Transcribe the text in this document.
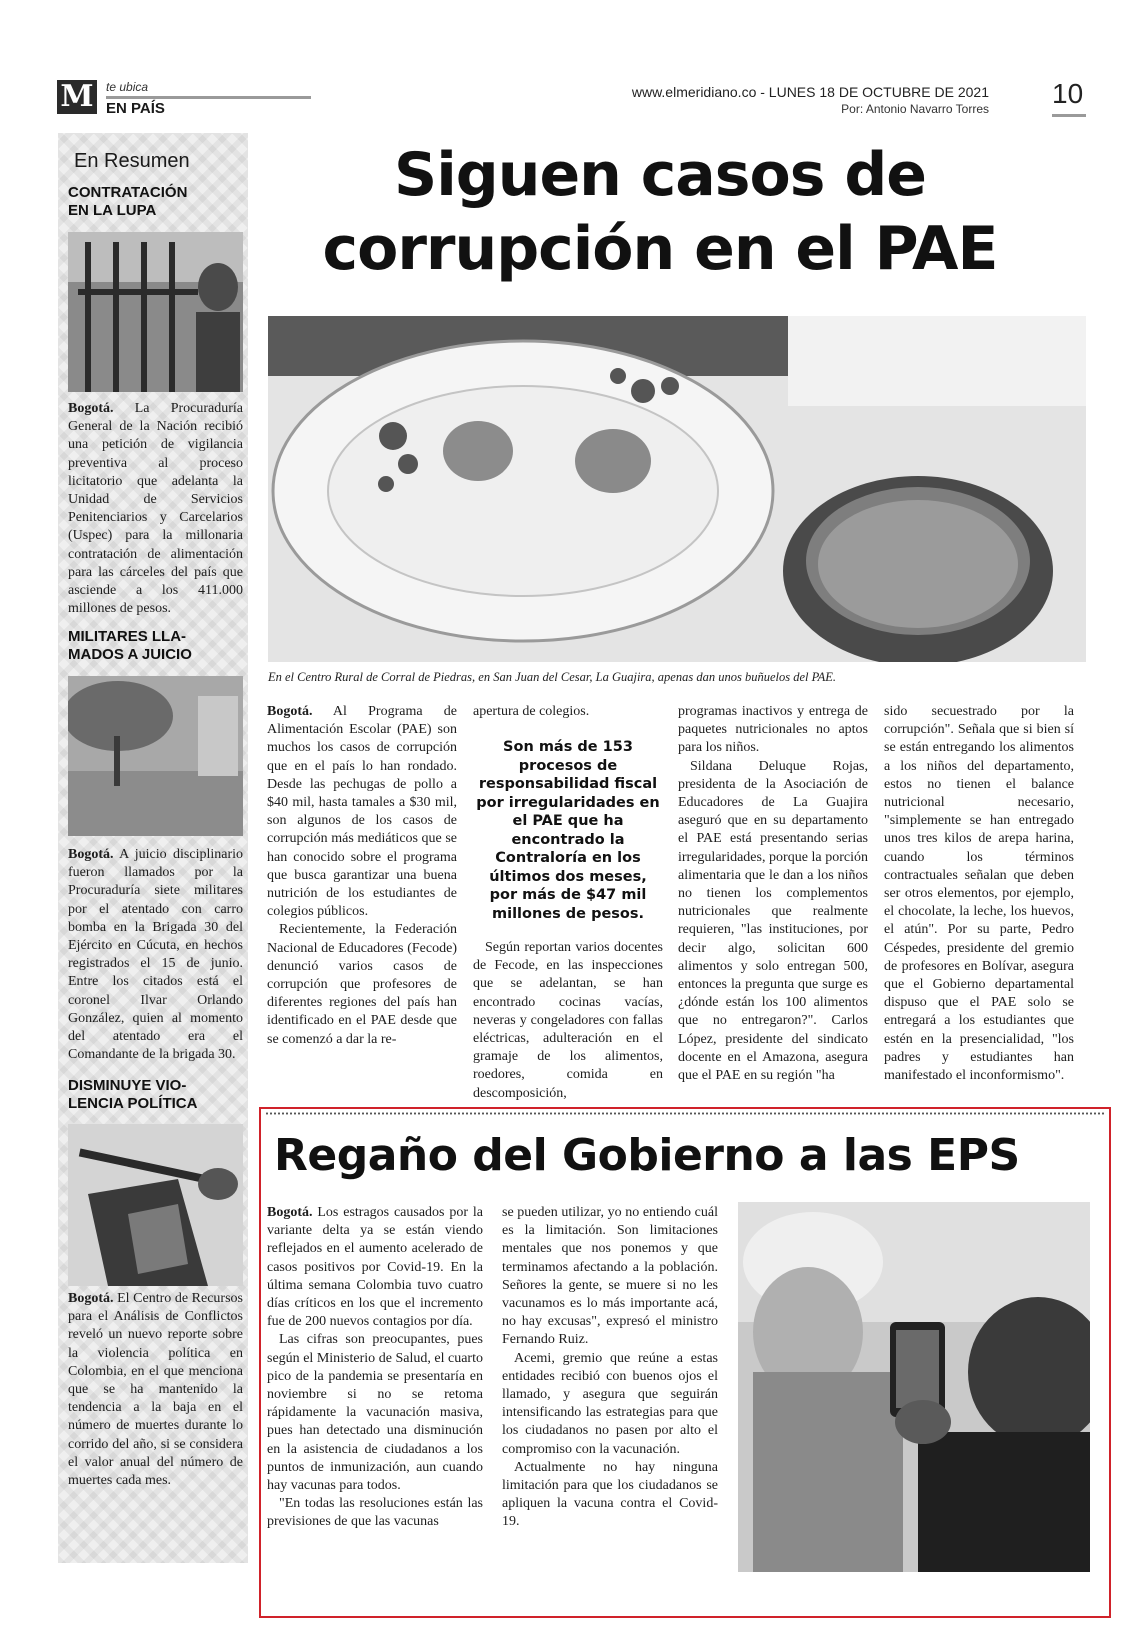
M te ubica
EN PAÍS
www.elmeridiano.co - LUNES 18 DE OCTUBRE DE 2021
Por: Antonio Navarro Torres 10
En Resumen
CONTRATACIÓN
EN LA LUPA
Bogotá. La Procuraduría General de la Nación recibió una petición de vigilancia preventiva al proceso licitatorio que adelanta la Unidad de Servicios Penitenciarios y Carcelarios (Uspec) para la millonaria contratación de alimentación para las cárceles del país que asciende a los 411.000 millones de pesos.
MILITARES LLA-
MADOS A JUICIO
Bogotá. A juicio disciplinario fueron llamados por la Procuraduría siete militares por el atentado con carro bomba en la Brigada 30 del Ejército en Cúcuta, en hechos registrados el 15 de junio. Entre los citados está el coronel Ilvar Orlando González, quien al momento del atentado era el Comandante de la brigada 30.
DISMINUYE VIO-
LENCIA POLÍTICA
Bogotá. El Centro de Recursos para el Análisis de Conflictos reveló un nuevo reporte sobre la violencia política en Colombia, en el que menciona que se ha mantenido la tendencia a la baja en el número de muertes durante lo corrido del año, si se considera el valor anual del número de muertes cada mes.
Siguen casos de
corrupción en el PAE
En el Centro Rural de Corral de Piedras, en San Juan del Cesar, La Guajira, apenas dan unos buñuelos del PAE.

Bogotá. Al Programa de Alimentación Escolar (PAE) son muchos los casos de corrupción que en el país lo han rondado. Desde las pechugas de pollo a $40 mil, hasta tamales a $30 mil, son algunos de los casos de corrupción más mediáticos que se han conocido sobre el programa que busca garantizar una buena nutrición de los estudiantes de colegios públicos.

Recientemente, la Federación Nacional de Educadores (Fecode) denunció varios casos de corrupción que profesores de diferentes regiones del país han identificado en el PAE desde que se comenzó a dar la re-

apertura de colegios.

Son más de 153 procesos de responsabilidad fiscal por irregularidades en el PAE que ha encontrado la Contraloría en los últimos dos meses, por más de $47 mil millones de pesos.

Según reportan varios docentes de Fecode, en las inspecciones que se adelantan, se han encontrado cocinas vacías, neveras y congeladores con fallas eléctricas, adulteración en el gramaje de los alimentos, roedores, comida en descomposición,

programas inactivos y entrega de paquetes nutricionales no aptos para los niños.

Sildana Deluque Rojas, presidenta de la Asociación de Educadores de La Guajira aseguró que en su departamento el PAE está presentando serias irregularidades, porque la porción alimentaria que le dan a los niños no tienen los complementos nutricionales que realmente requieren, "las instituciones, por decir algo, solicitan 600 alimentos y solo entregan 500, entonces la pregunta que surge es ¿dónde están los 100 alimentos que no entregaron?". Carlos López, presidente del sindicato docente en el Amazona, asegura que el PAE en su región "ha

sido secuestrado por la corrupción". Señala que si bien sí se están entregando los alimentos a los niños del departamento, estos no tienen el balance nutricional necesario, "simplemente se han entregado unos tres kilos de arepa harina, cuando los términos contractuales señalan que deben ser otros elementos, por ejemplo, el chocolate, la leche, los huevos, el atún". Por su parte, Pedro Céspedes, presidente del gremio de profesores en Bolívar, asegura que el Gobierno departamental dispuso que el PAE solo se entregará a los estudiantes que estén en la presencialidad, "los padres y estudiantes han manifestado el inconformismo".

Regaño del Gobierno a las EPS

Bogotá. Los estragos causados por la variante delta ya se están viendo reflejados en el aumento acelerado de casos positivos por Covid-19. En la última semana Colombia tuvo cuatro días críticos en los que el incremento fue de 200 nuevos contagios por día.

Las cifras son preocupantes, pues según el Ministerio de Salud, el cuarto pico de la pandemia se presentaría en noviembre si no se retoma rápidamente la vacunación masiva, pues han detectado una disminución en la asistencia de ciudadanos a los puntos de inmunización, aun cuando hay vacunas para todos.

"En todas las resoluciones están las previsiones de que las vacunas

se pueden utilizar, yo no entiendo cuál es la limitación. Son limitaciones mentales que nos ponemos y que terminamos afectando a la población. Señores la gente, se muere si no les vacunamos es lo más importante acá, no hay excusas", expresó el ministro Fernando Ruiz.

Acemi, gremio que reúne a estas entidades recibió con buenos ojos el llamado, y asegura que seguirán intensificando las estrategias para que los ciudadanos no pasen por alto el compromiso con la vacunación.

Actualmente no hay ninguna limitación para que los ciudadanos se apliquen la vacuna contra el Covid-19.
